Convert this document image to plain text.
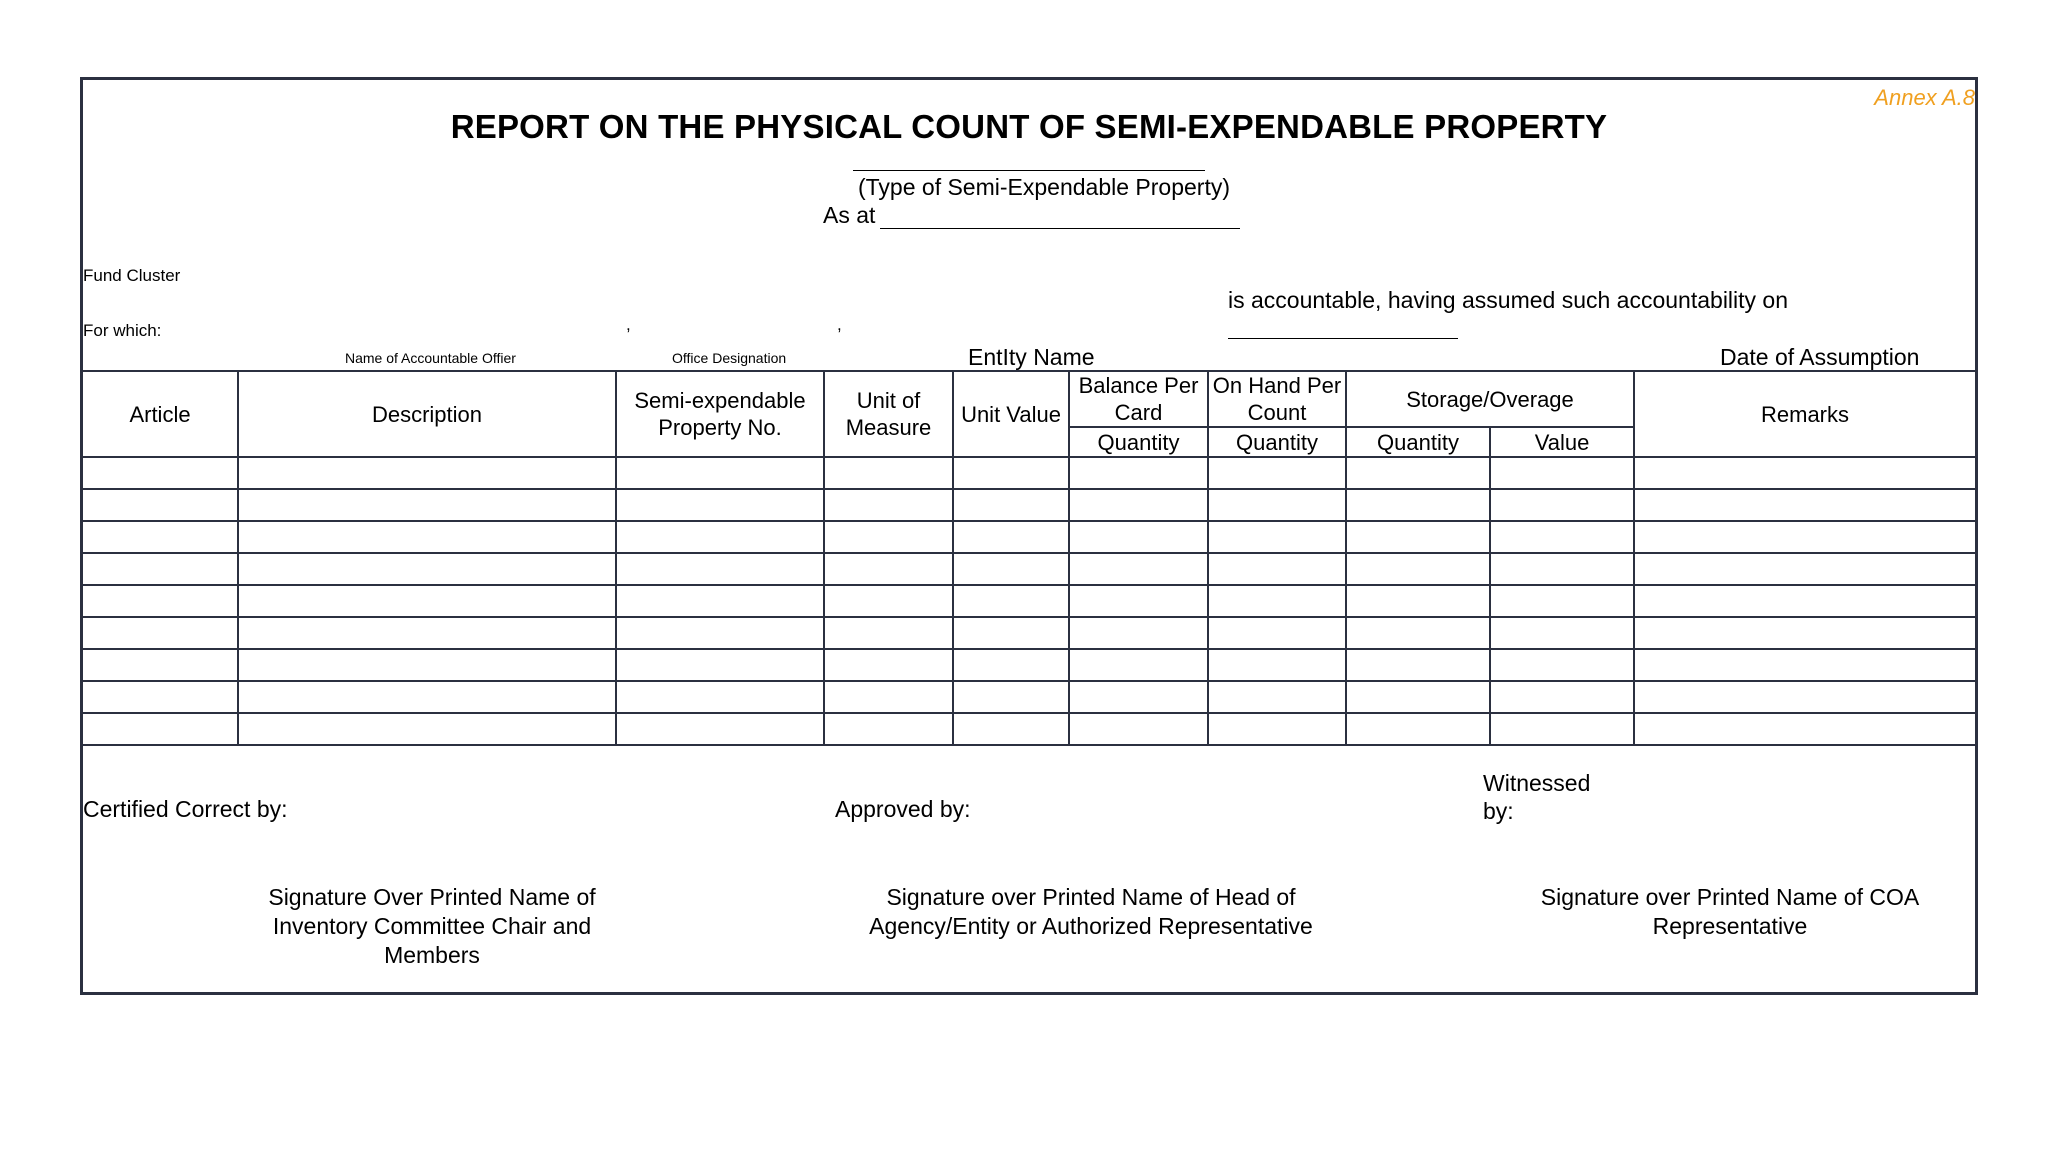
Annex A.8
REPORT ON THE PHYSICAL COUNT OF SEMI-EXPENDABLE PROPERTY
(Type of Semi-Expendable Property)
As at
Fund Cluster
For which:	,	,
is accountable, having assumed such accountability on
Name of Accountable Offier	Office Designation	EntIty Name	Date of Assumption
Article	Description	Semi-expendable Property No.	Unit of Measure	Unit Value	Balance Per Card	On Hand Per Count	Storage/Overage		Remarks
					Quantity	Quantity	Quantity	Value	

Certified Correct by:	Approved by:
Witnessed by:
Signature Over Printed Name of Inventory Committee Chair and Members
Signature over Printed Name of Head of Agency/Entity or Authorized Representative
Signature over Printed Name of COA Representative
